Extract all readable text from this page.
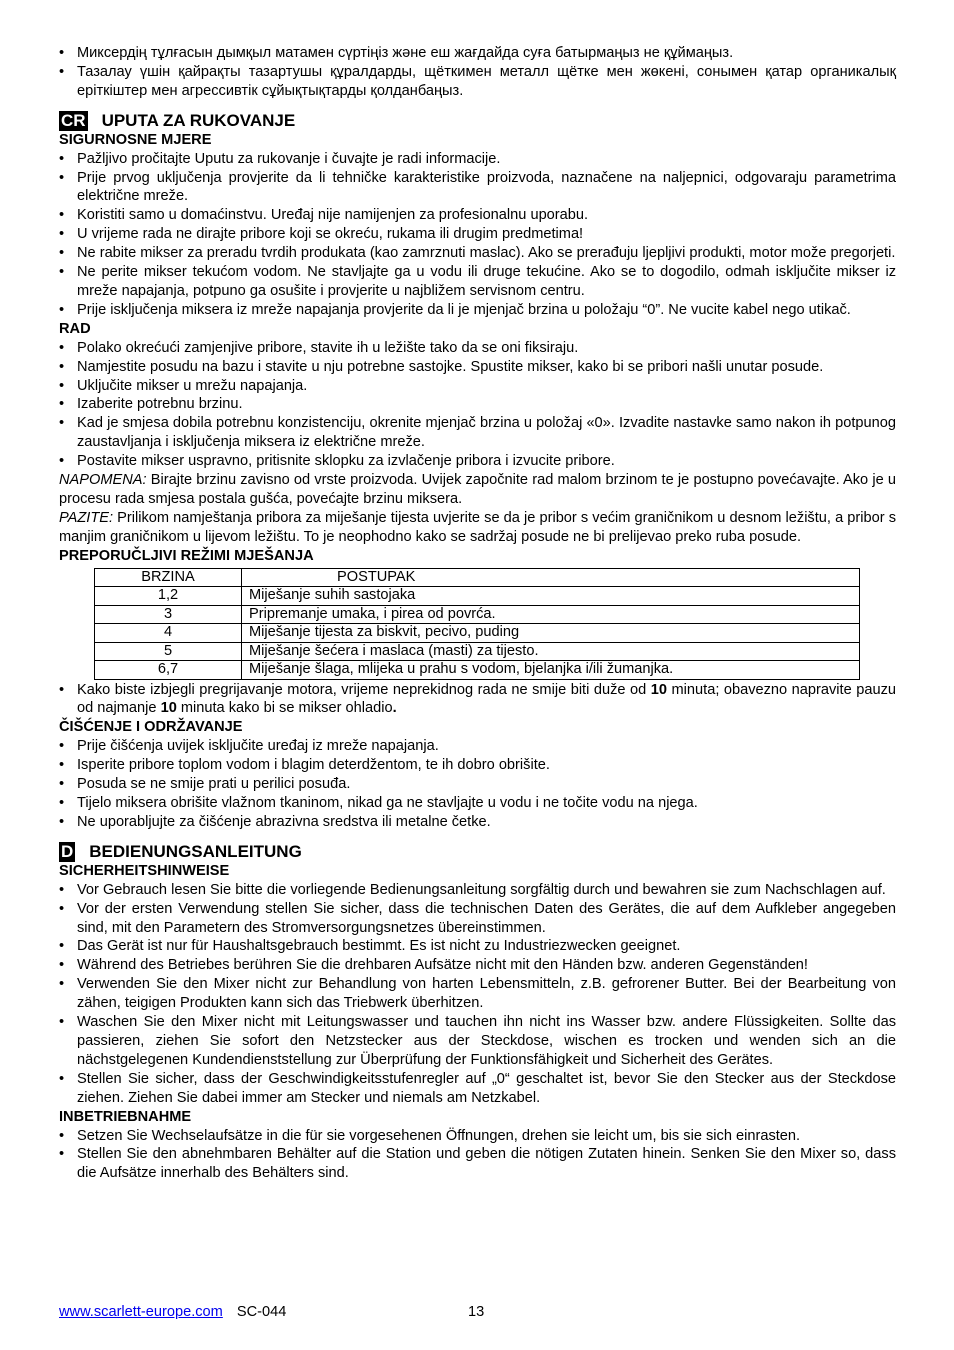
• Миксердің тұлғасын дымқыл матамен сүртіңіз және еш жағдайда суға батырмаңыз не құймаңыз.
• Тазалау үшін қайрақты тазартушы құралдарды, щёткимен металл щётке мен жөкені, сонымен қатар органикалық еріткіштер мен агрессивтік сұйықтықтарды қолданбаңыз.
CR UPUTA ZA RUKOVANJE
SIGURNOSNE MJERE
• Pažljivo pročitajte Uputu za rukovanje i čuvajte je radi informacije.
• Prije prvog uključenja provjerite da li tehničke karakteristike proizvoda, naznačene na naljepnici, odgovaraju parametrima električne mreže.
• Koristiti samo u domaćinstvu. Uređaj nije namijenjen za profesionalnu uporabu.
• U vrijeme rada ne dirajte pribore koji se okreću, rukama ili drugim predmetima!
• Ne rabite mikser za preradu tvrdih produkata (kao zamrznuti maslac). Ako se prerađuju ljepljivi produkti, motor može pregorjeti.
• Ne perite mikser tekućom vodom. Ne stavljajte ga u vodu ili druge tekućine. Ako se to dogodilo, odmah isključite mikser iz mreže napajanja, potpuno ga osušite i provjerite u najbližem servisnom centru.
• Prije isključenja miksera iz mreže napajanja provjerite da li je mjenjač brzina u položaju “0”. Ne vucite kabel nego utikač.
RAD
• Polako okrećući zamjenjive pribore, stavite ih u ležište tako da se oni fiksiraju.
• Namjestite posudu na bazu i stavite u nju potrebne sastojke. Spustite mikser, kako bi se pribori našli unutar posude.
• Uključite mikser u mrežu napajanja.
• Izaberite potrebnu brzinu.
• Kad je smjesa dobila potrebnu konzistenciju, okrenite mjenjač brzina u položaj «0». Izvadite nastavke samo nakon ih potpunog zaustavljanja i isključenja miksera iz električne mreže.
• Postavite mikser uspravno, pritisnite sklopku za izvlačenje pribora i izvucite pribore.

NAPOMENA: Birajte brzinu zavisno od vrste proizvoda. Uvijek započnite rad malom brzinom te je postupno povećavajte. Ako je u procesu rada smjesa postala gušća, povećajte brzinu miksera.

PAZITE: Prilikom namještanja pribora za miješanje tijesta uvjerite se da je pribor s većim graničnikom u desnom ležištu, a pribor s manjim graničnikom u lijevom ležištu. To je neophodno kako se sadržaj posude ne bi prelijevao preko ruba posude.

PREPORUČLJIVI REŽIMI MJEŠANJA
BRZINA	POSTUPAK
1,2	Miješanje suhih sastojaka
3	Pripremanje umaka, i pirea od povrća.
4	Miješanje tijesta za biskvit, pecivo, puding
5	Miješanje šećera i maslaca (masti) za tijesto.
6,7	Miješanje šlaga, mlijeka u prahu s vodom, bjelanjka i/ili žumanjka.
• Kako biste izbjegli pregrijavanje motora, vrijeme neprekidnog rada ne smije biti duže od 10 minuta; obavezno napravite pauzu od najmanje 10 minuta kako bi se mikser ohladio.
ČIŠĆENJE I ODRŽAVANJE
• Prije čišćenja uvijek isključite uređaj iz mreže napajanja.
• Isperite pribore toplom vodom i blagim deterdžentom, te ih dobro obrišite.
• Posuda se ne smije prati u perilici posuđa.
• Tijelo miksera obrišite vlažnom tkaninom, nikad ga ne stavljajte u vodu i ne točite vodu na njega.
• Ne uporabljujte za čišćenje abrazivna sredstva ili metalne četke.
D BEDIENUNGSANLEITUNG
SICHERHEITSHINWEISE
• Vor Gebrauch lesen Sie bitte die vorliegende Bedienungsanleitung sorgfältig durch und bewahren sie zum Nachschlagen auf.
• Vor der ersten Verwendung stellen Sie sicher, dass die technischen Daten des Gerätes, die auf dem Aufkleber angegeben sind, mit den Parametern des Stromversorgungsnetzes übereinstimmen.
• Das Gerät ist nur für Haushaltsgebrauch bestimmt. Es ist nicht zu Industriezwecken geeignet.
• Während des Betriebes berühren Sie die drehbaren Aufsätze nicht mit den Händen bzw. anderen Gegenständen!
• Verwenden Sie den Mixer nicht zur Behandlung von harten Lebensmitteln, z.B. gefrorener Butter. Bei der Bearbeitung von zähen, teigigen Produkten kann sich das Triebwerk überhitzen.
• Waschen Sie den Mixer nicht mit Leitungswasser und tauchen ihn nicht ins Wasser bzw. andere Flüssigkeiten. Sollte das passieren, ziehen Sie sofort den Netzstecker aus der Steckdose, wischen es trocken und wenden sich an die nächstgelegenen Kundendienststellung zur Überprüfung der Funktionsfähigkeit und Sicherheit des Gerätes.
• Stellen Sie sicher, dass der Geschwindigkeitsstufenregler auf „0“ geschaltet ist, bevor Sie den Stecker aus der Steckdose ziehen. Ziehen Sie dabei immer am Stecker und niemals am Netzkabel.
INBETRIEBNAHME
• Setzen Sie Wechselaufsätze in die für sie vorgesehenen Öffnungen, drehen sie leicht um, bis sie sich einrasten.
• Stellen Sie den abnehmbaren Behälter auf die Station und geben die nötigen Zutaten hinein. Senken Sie den Mixer so, dass die Aufsätze innerhalb des Behälters sind.
www.scarlett-europe.com SC-044	13
